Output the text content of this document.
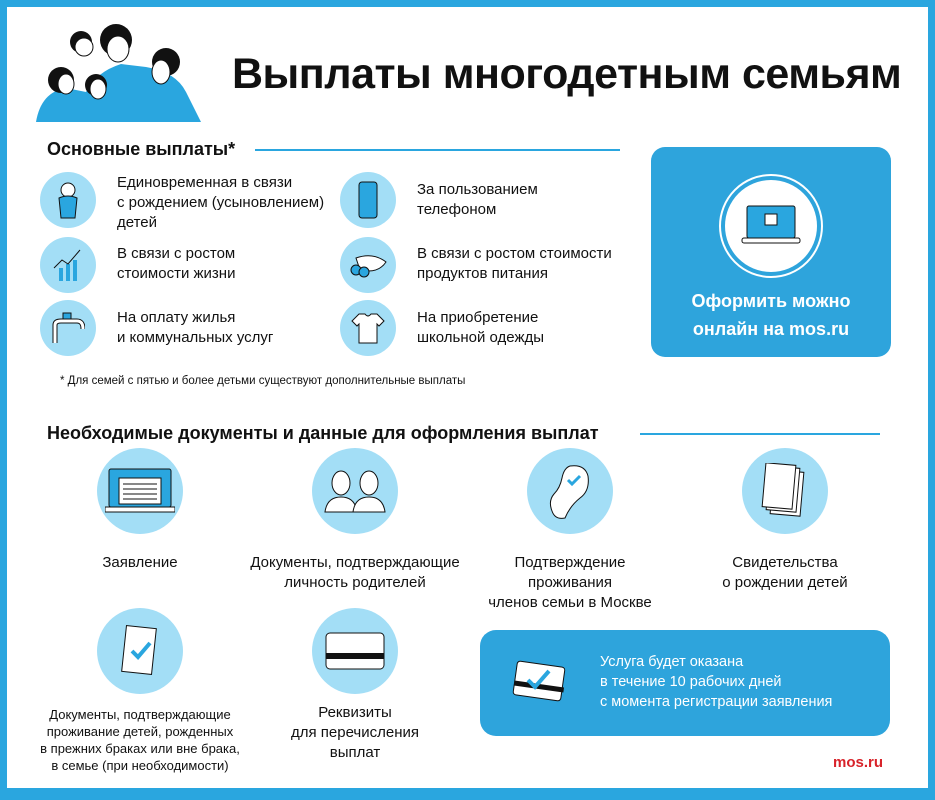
Выплаты многодетным семьям
Основные выплаты*
Единовременная в связи
с рождением (усыновлением)
детей
За пользованием
телефоном
В связи с ростом
стоимости жизни
В связи с ростом стоимости
продуктов питания
На оплату жилья
и коммунальных услуг
На приобретение
школьной одежды
* Для семей с пятью и более детьми существуют дополнительные выплаты
Оформить можно
онлайн на mos.ru
Необходимые документы и данные для оформления выплат
Заявление	Документы, подтверждающие
личность родителей
Подтверждение
проживания
членов семьи в Москве
Свидетельства
о рождении детей
Документы, подтверждающие
проживание детей, рожденных
в прежних браках или вне брака,
в семье (при необходимости)
Реквизиты
для перечисления
выплат
Услуга будет оказана
в течение 10 рабочих дней
с момента регистрации заявления
mos.ru
